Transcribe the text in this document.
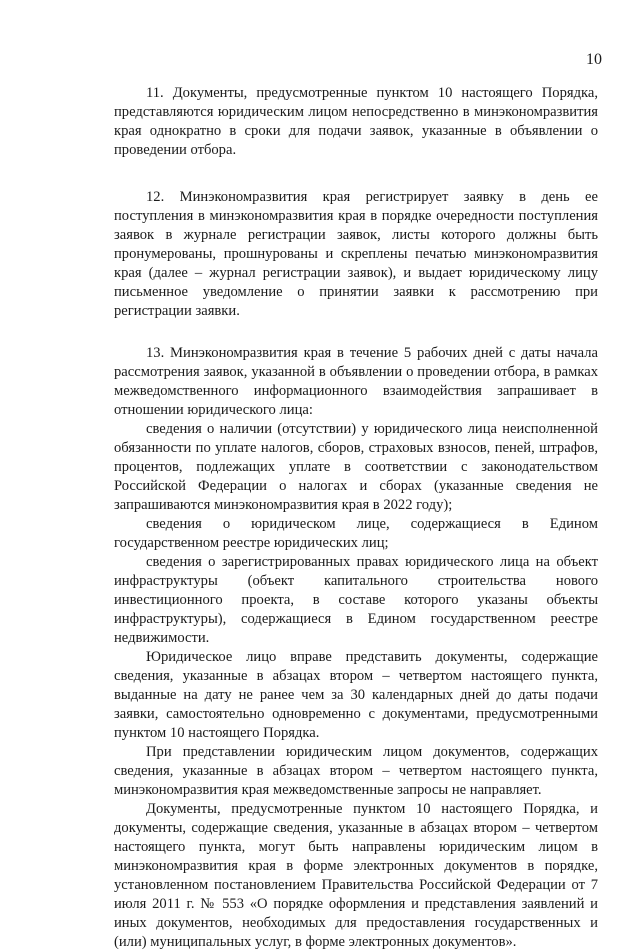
10

11. Документы, предусмотренные пунктом 10 настоящего Порядка, представляются юридическим лицом непосредственно в минэкономразвития края однократно в сроки для подачи заявок, указанные в объявлении о проведении отбора.

12. Минэкономразвития края регистрирует заявку в день ее поступления в минэкономразвития края в порядке очередности поступления заявок в журнале регистрации заявок, листы которого должны быть пронумерованы, прошнурованы и скреплены печатью минэкономразвития края (далее – журнал регистрации заявок), и выдает юридическому лицу письменное уведомление о принятии заявки к рассмотрению при регистрации заявки.

13. Минэкономразвития края в течение 5 рабочих дней с даты начала рассмотрения заявок, указанной в объявлении о проведении отбора, в рамках межведомственного информационного взаимодействия запрашивает в отношении юридического лица:

сведения о наличии (отсутствии) у юридического лица неисполненной обязанности по уплате налогов, сборов, страховых взносов, пеней, штрафов, процентов, подлежащих уплате в соответствии с законодательством Российской Федерации о налогах и сборах (указанные сведения не запрашиваются минэкономразвития края в 2022 году);

сведения о юридическом лице, содержащиеся в Едином государственном реестре юридических лиц;

сведения о зарегистрированных правах юридического лица на объект инфраструктуры (объект капитального строительства нового инвестиционного проекта, в составе которого указаны объекты инфраструктуры), содержащиеся в Едином государственном реестре недвижимости.

Юридическое лицо вправе представить документы, содержащие сведения, указанные в абзацах втором – четвертом настоящего пункта, выданные на дату не ранее чем за 30 календарных дней до даты подачи заявки, самостоятельно одновременно с документами, предусмотренными пунктом 10 настоящего Порядка.

При представлении юридическим лицом документов, содержащих сведения, указанные в абзацах втором – четвертом настоящего пункта, минэкономразвития края межведомственные запросы не направляет.

Документы, предусмотренные пунктом 10 настоящего Порядка, и документы, содержащие сведения, указанные в абзацах втором – четвертом настоящего пункта, могут быть направлены юридическим лицом в минэкономразвития края в форме электронных документов в порядке, установленном постановлением Правительства Российской Федерации от 7 июля 2011 г. № 553 «О порядке оформления и представления заявлений и иных документов, необходимых для предоставления государственных и (или) муниципальных услуг, в форме электронных документов».
